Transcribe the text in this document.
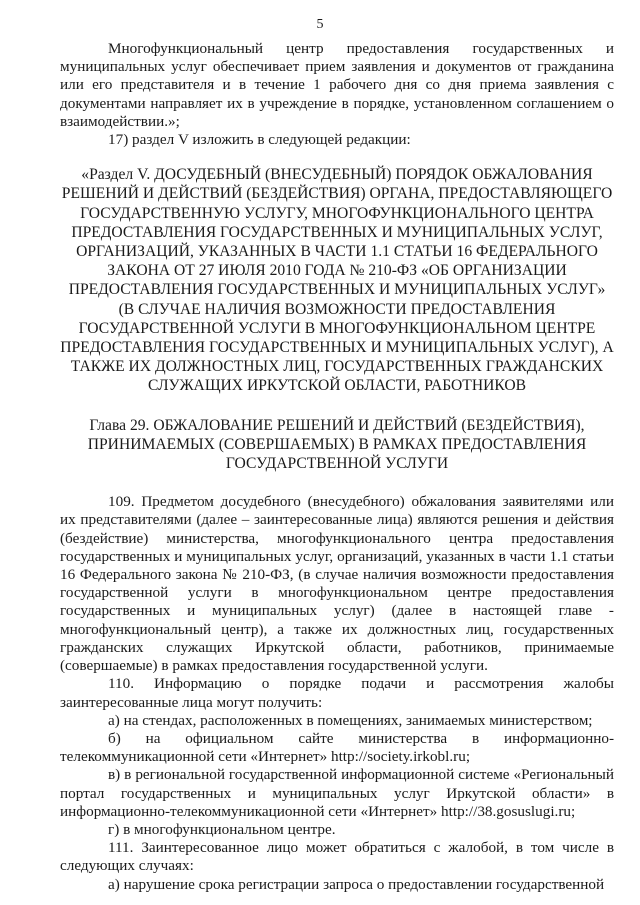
5

Многофункциональный центр предоставления государственных и муниципальных услуг обеспечивает прием заявления и документов от гражданина или его представителя и в течение 1 рабочего дня со дня приема заявления с документами направляет их в учреждение в порядке, установленном соглашением о взаимодействии.»;

17) раздел V изложить в следующей редакции:

«Раздел V. ДОСУДЕБНЫЙ (ВНЕСУДЕБНЫЙ) ПОРЯДОК ОБЖАЛОВАНИЯ РЕШЕНИЙ И ДЕЙСТВИЙ (БЕЗДЕЙСТВИЯ) ОРГАНА, ПРЕДОСТАВЛЯЮЩЕГО ГОСУДАРСТВЕННУЮ УСЛУГУ, МНОГОФУНКЦИОНАЛЬНОГО ЦЕНТРА ПРЕДОСТАВЛЕНИЯ ГОСУДАРСТВЕННЫХ И МУНИЦИПАЛЬНЫХ УСЛУГ, ОРГАНИЗАЦИЙ, УКАЗАННЫХ В ЧАСТИ 1.1 СТАТЬИ 16 ФЕДЕРАЛЬНОГО ЗАКОНА ОТ 27 ИЮЛЯ 2010 ГОДА № 210-ФЗ «ОБ ОРГАНИЗАЦИИ ПРЕДОСТАВЛЕНИЯ ГОСУДАРСТВЕННЫХ И МУНИЦИПАЛЬНЫХ УСЛУГ» (В СЛУЧАЕ НАЛИЧИЯ ВОЗМОЖНОСТИ ПРЕДОСТАВЛЕНИЯ ГОСУДАРСТВЕННОЙ УСЛУГИ В МНОГОФУНКЦИОНАЛЬНОМ ЦЕНТРЕ ПРЕДОСТАВЛЕНИЯ ГОСУДАРСТВЕННЫХ И МУНИЦИПАЛЬНЫХ УСЛУГ), А ТАКЖЕ ИХ ДОЛЖНОСТНЫХ ЛИЦ, ГОСУДАРСТВЕННЫХ ГРАЖДАНСКИХ СЛУЖАЩИХ ИРКУТСКОЙ ОБЛАСТИ, РАБОТНИКОВ

Глава 29. ОБЖАЛОВАНИЕ РЕШЕНИЙ И ДЕЙСТВИЙ (БЕЗДЕЙСТВИЯ), ПРИНИМАЕМЫХ (СОВЕРШАЕМЫХ) В РАМКАХ ПРЕДОСТАВЛЕНИЯ ГОСУДАРСТВЕННОЙ УСЛУГИ

109. Предметом досудебного (внесудебного) обжалования заявителями или их представителями (далее – заинтересованные лица) являются решения и действия (бездействие) министерства, многофункционального центра предоставления государственных и муниципальных услуг, организаций, указанных в части 1.1 статьи 16 Федерального закона № 210-ФЗ, (в случае наличия возможности предоставления государственной услуги в многофункциональном центре предоставления государственных и муниципальных услуг) (далее в настоящей главе - многофункциональный центр), а также их должностных лиц, государственных гражданских служащих Иркутской области, работников, принимаемые (совершаемые) в рамках предоставления государственной услуги.

110. Информацию о порядке подачи и рассмотрения жалобы заинтересованные лица могут получить:

а) на стендах, расположенных в помещениях, занимаемых министерством;

б) на официальном сайте министерства в информационно-телекоммуникационной сети «Интернет» http://society.irkobl.ru;

в) в региональной государственной информационной системе «Региональный портал государственных и муниципальных услуг Иркутской области» в информационно-телекоммуникационной сети «Интернет» http://38.gosuslugi.ru;

г) в многофункциональном центре.

111. Заинтересованное лицо может обратиться с жалобой, в том числе в следующих случаях:

а) нарушение срока регистрации запроса о предоставлении государственной
